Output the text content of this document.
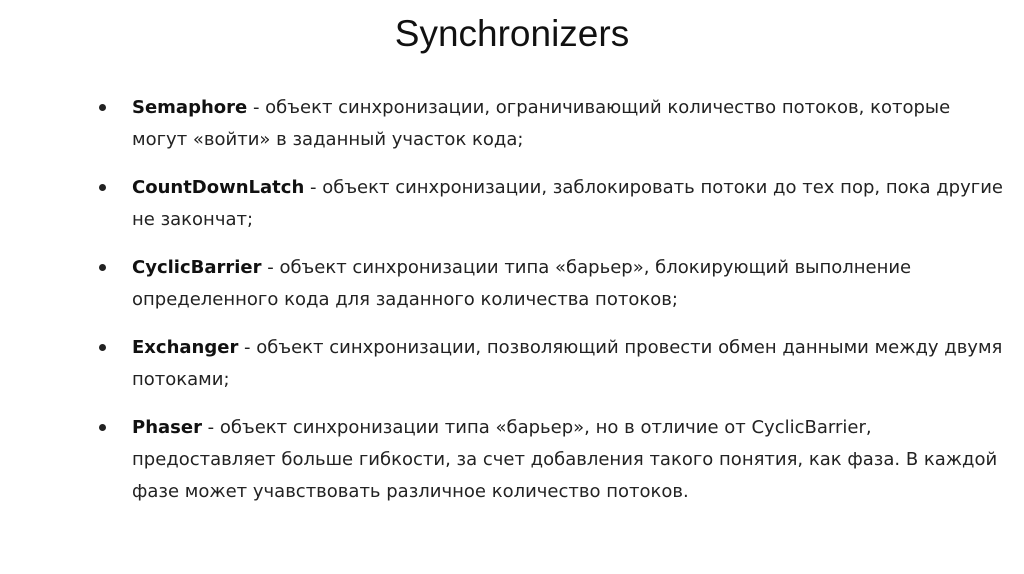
Synchronizers
Semaphore - объект синхронизации, ограничивающий количество потоков, которые могут «войти» в заданный участок кода;
CountDownLatch - объект синхронизации, заблокировать потоки до тех пор, пока другие не закончат;
CyclicBarrier - объект синхронизации типа «барьер», блокирующий выполнение определенного кода для заданного количества потоков;
Exchanger - объект синхронизации, позволяющий провести обмен данными между двумя потоками;
Phaser - объект синхронизации типа «барьер», но в отличие от CyclicBarrier, предоставляет больше гибкости, за счет добавления такого понятия, как фаза. В каждой фазе может учавствовать различное количество потоков.
